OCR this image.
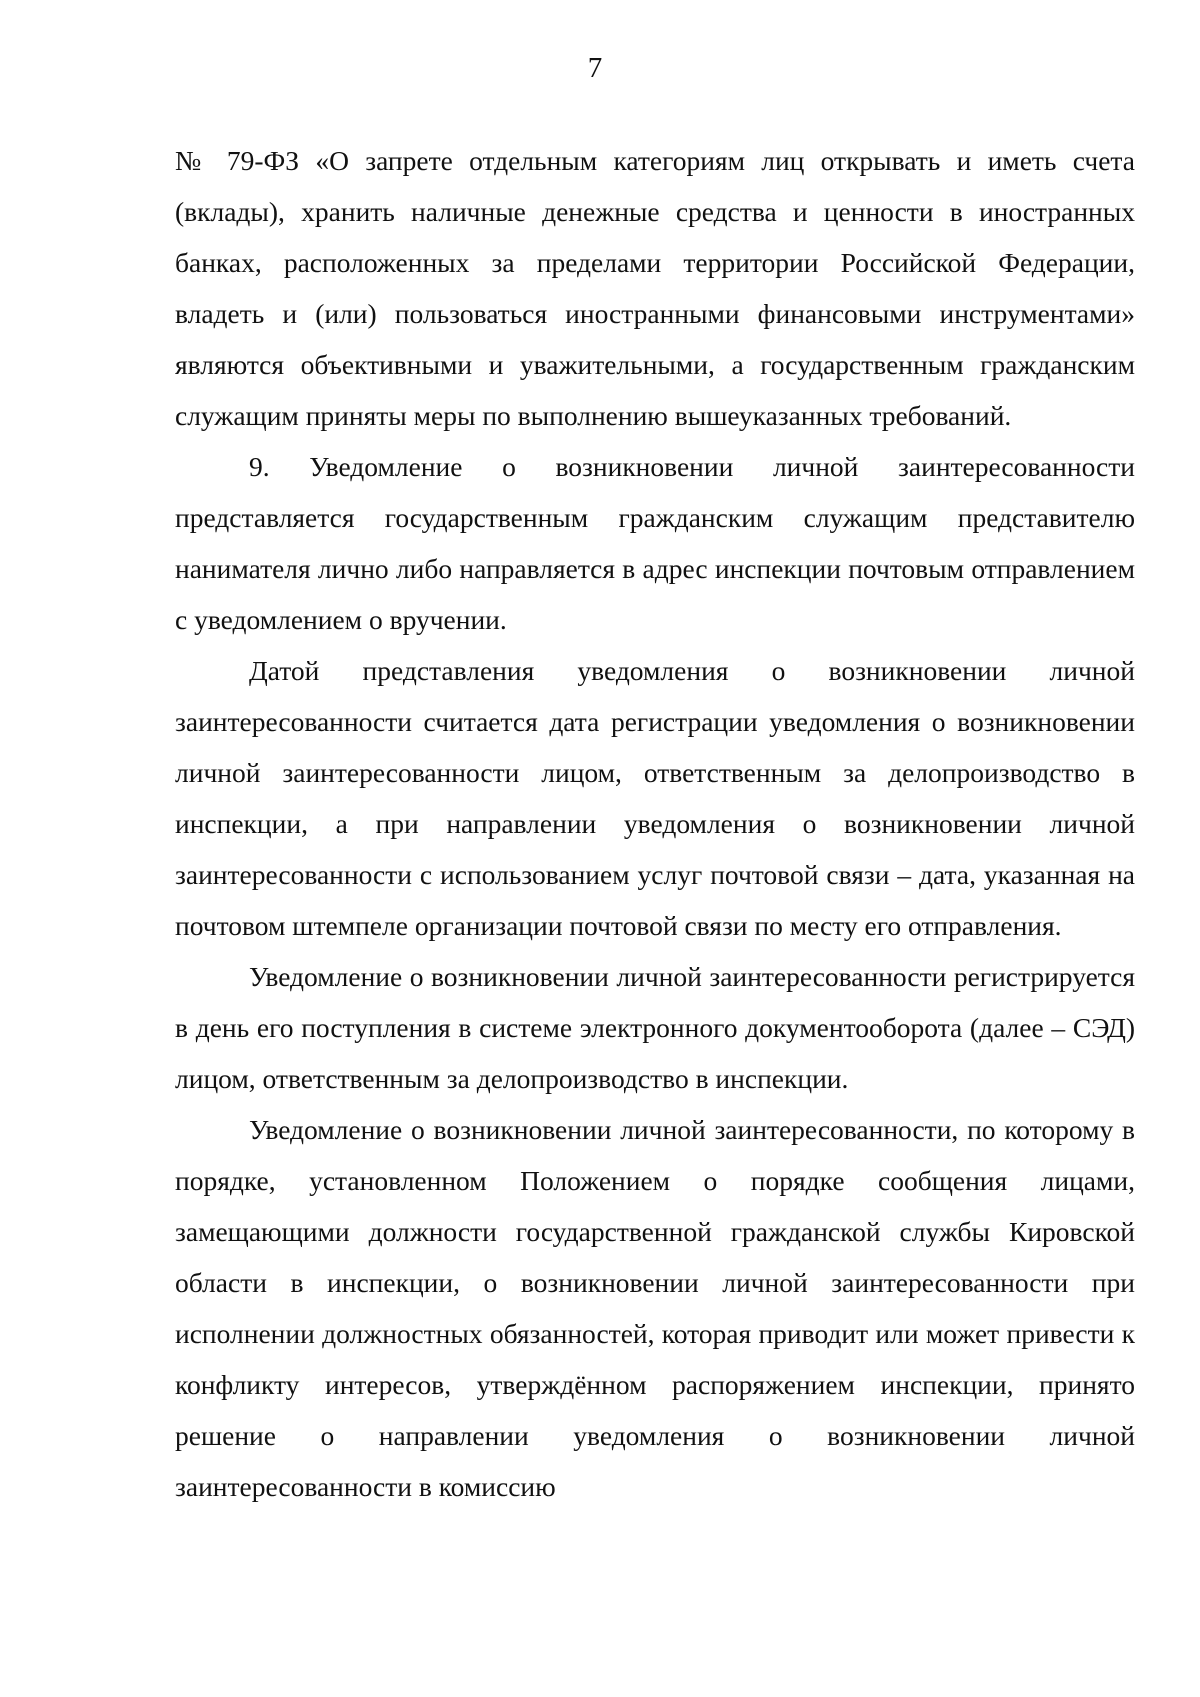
7

№ 79-ФЗ «О запрете отдельным категориям лиц открывать и иметь счета (вклады), хранить наличные денежные средства и ценности в иностранных банках, расположенных за пределами территории Российской Федерации, владеть и (или) пользоваться иностранными финансовыми инструментами» являются объективными и уважительными, а государственным гражданским служащим приняты меры по выполнению вышеуказанных требований.

9. Уведомление о возникновении личной заинтересованности представляется государственным гражданским служащим представителю нанимателя лично либо направляется в адрес инспекции почтовым отправлением с уведомлением о вручении.

Датой представления уведомления о возникновении личной заинтересованности считается дата регистрации уведомления о возникновении личной заинтересованности лицом, ответственным за делопроизводство в инспекции, а при направлении уведомления о возникновении личной заинтересованности с использованием услуг почтовой связи – дата, указанная на почтовом штемпеле организации почтовой связи по месту его отправления.

Уведомление о возникновении личной заинтересованности регистрируется в день его поступления в системе электронного документооборота (далее – СЭД) лицом, ответственным за делопроизводство в инспекции.

Уведомление о возникновении личной заинтересованности, по которому в порядке, установленном Положением о порядке сообщения лицами, замещающими должности государственной гражданской службы Кировской области в инспекции, о возникновении личной заинтересованности при исполнении должностных обязанностей, которая приводит или может привести к конфликту интересов, утверждённом распоряжением инспекции, принято решение о направлении уведомления о возникновении личной заинтересованности в комиссию
